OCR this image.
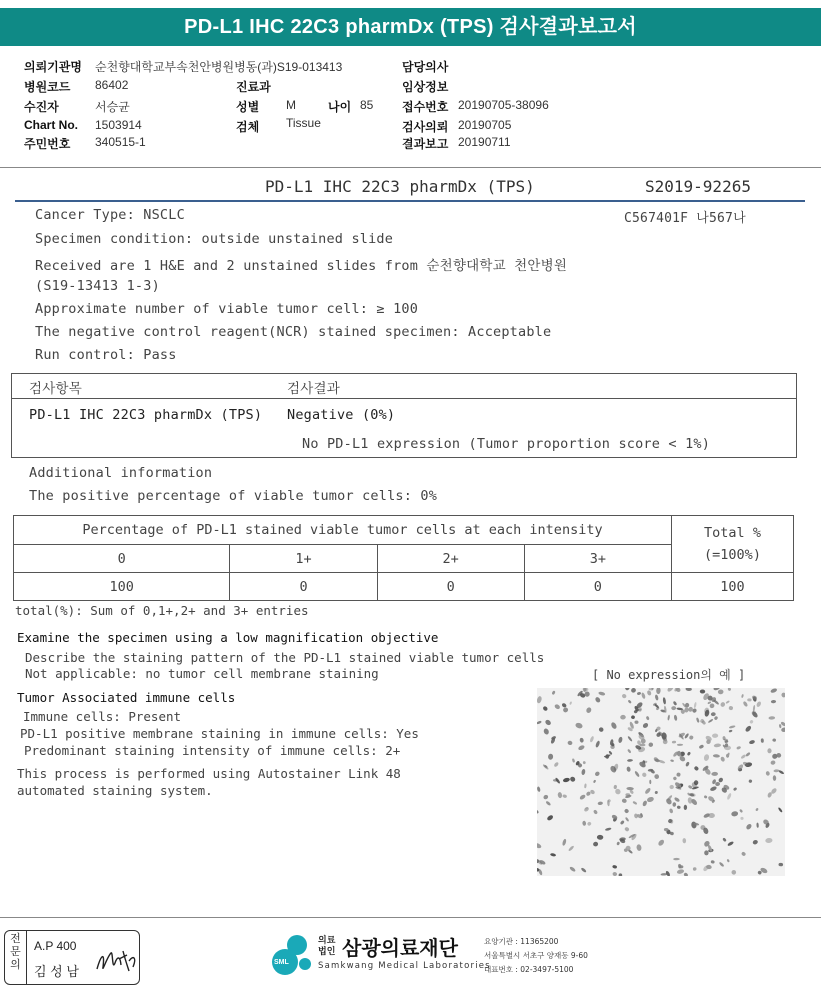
PD-L1 IHC 22C3 pharmDx (TPS) 검사결과보고서
의뢰기관명 순천향대학교부속천안병원병동(과)S19-013413	담당의사
병원코드 86402	진료과	임상정보
수진자	서승균	성별 M	나이 85 접수번호 20190705-38096
Chart No. 1503914	검체 Tissue	검사의뢰 20190705
주민번호 340515-1	결과보고 20190711
PD-L1 IHC 22C3 pharmDx (TPS)	S2019-92265
C567401F 나567나
Cancer Type: NSCLC
Specimen condition: outside unstained slide
Received are 1 H&E and 2 unstained slides from 순천향대학교 천안병원
(S19-13413 1-3)
Approximate number of viable tumor cell: ≥ 100
The negative control reagent(NCR) stained specimen: Acceptable
Run control: Pass
검사항목	검사결과
PD-L1 IHC 22C3 pharmDx (TPS) Negative (0%)
No PD-L1 expression (Tumor proportion score < 1%)
Additional information
The positive percentage of viable tumor cells: 0%
Percentage of PD-L1 stained viable tumor cells at each intensity				Total %
(=100%)
0	1+	2+	3+	
100	0	0	0	100
total(%): Sum of 0,1+,2+ and 3+ entries
Examine the specimen using a low magnification objective
Describe the staining pattern of the PD-L1 stained viable tumor cells
Not applicable: no tumor cell membrane staining	[ No expression의 예 ]
Tumor Associated immune cells
Immune cells: Present
PD-L1 positive membrane staining in immune cells: Yes
Predominant staining intensity of immune cells: 2+
This process is performed using Autostainer Link 48
automated staining system.
전
문
의
A.P 400
김 성 남
SML
의료
법인 삼광의료재단
Samkwang Medical Laboratories
요양기관 : 11365200
서울특별시 서초구 양재동 9-60
대표번호 : 02-3497-5100
